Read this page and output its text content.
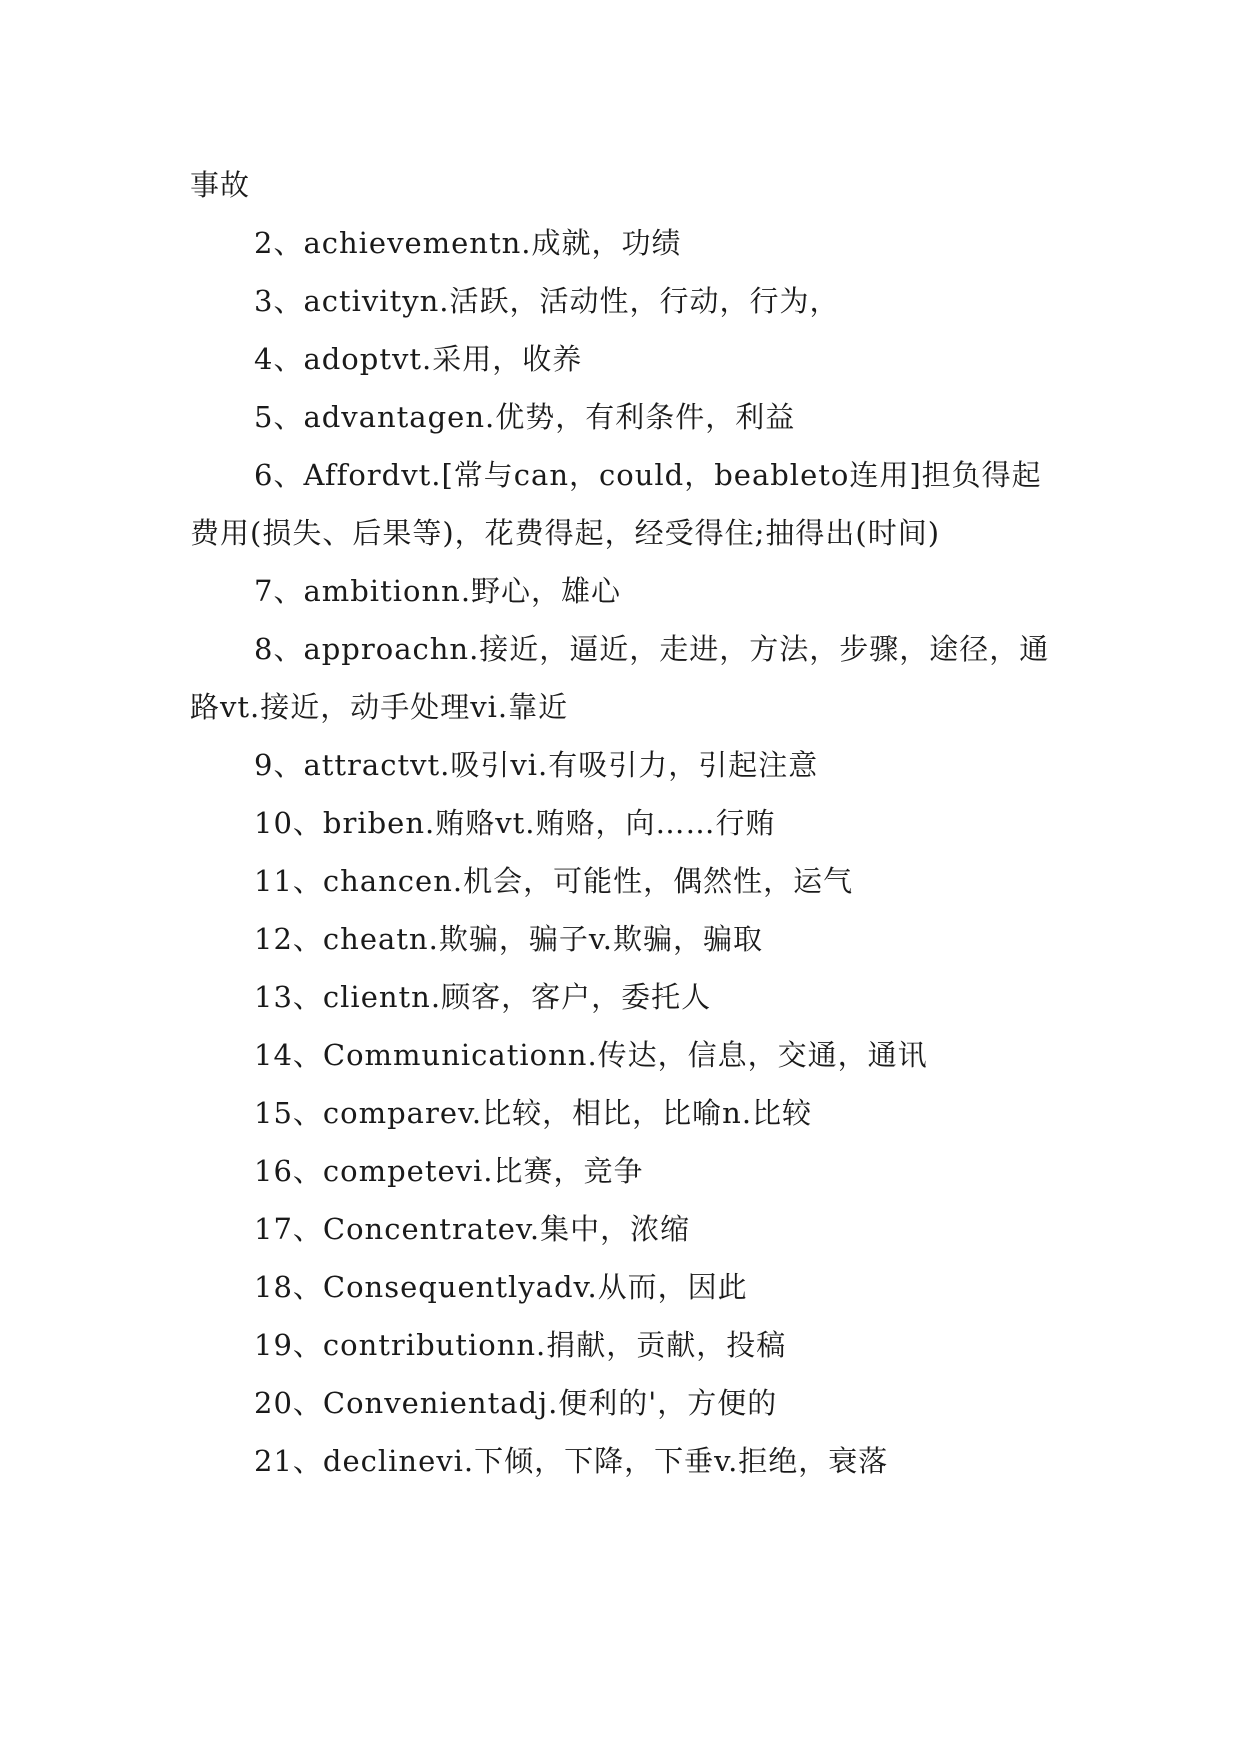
事故

2、achievementn.成就，功绩

3、activityn.活跃，活动性，行动，行为，

4、adoptvt.采用，收养

5、advantagen.优势，有利条件，利益

6、Affordvt.[常与can，could，beableto连用]担负得起费用(损失、后果等)，花费得起，经受得住;抽得出(时间)

7、ambitionn.野心，雄心

8、approachn.接近，逼近，走进，方法，步骤，途径，通路vt.接近，动手处理vi.靠近

9、attractvt.吸引vi.有吸引力，引起注意

10、briben.贿赂vt.贿赂，向……行贿

11、chancen.机会，可能性，偶然性，运气

12、cheatn.欺骗，骗子v.欺骗，骗取

13、clientn.顾客，客户，委托人

14、Communicationn.传达，信息，交通，通讯

15、comparev.比较，相比，比喻n.比较

16、competevi.比赛，竞争

17、Concentratev.集中，浓缩

18、Consequentlyadv.从而，因此

19、contributionn.捐献，贡献，投稿

20、Convenientadj.便利的'，方便的

21、declinevi.下倾，下降，下垂v.拒绝，衰落
